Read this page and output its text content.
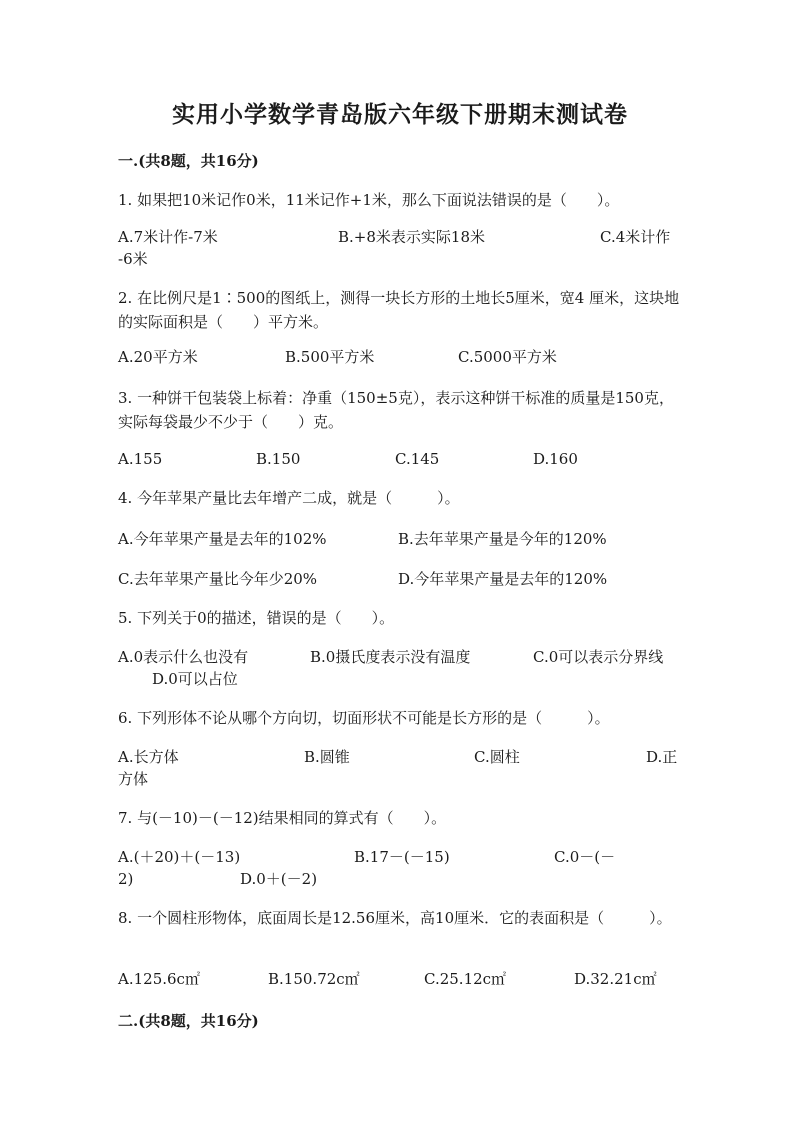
实用小学数学青岛版六年级下册期末测试卷
一.(共8题，共16分)
1. 如果把10米记作0米，11米记作+1米，那么下面说法错误的是（　　）。
A.7米计作-7米	B.+8米表示实际18米	C.4米计作
-6米
2. 在比例尺是1∶500的图纸上，测得一块长方形的土地长5厘米，宽4 厘米，这块地的实际面积是（　　）平方米。
A.20平方米	B.500平方米	C.5000平方米
3. 一种饼干包装袋上标着：净重（150±5克），表示这种饼干标准的质量是150克，实际每袋最少不少于（　　）克。
A.155	B.150	C.145	D.160
4. 今年苹果产量比去年增产二成，就是（　　　）。
A.今年苹果产量是去年的102%	B.去年苹果产量是今年的120%
C.去年苹果产量比今年少20%	D.今年苹果产量是去年的120%
5. 下列关于0的描述，错误的是（　　）。
A.0表示什么也没有	B.0摄氏度表示没有温度	C.0可以表示分界线
D.0可以占位
6. 下列形体不论从哪个方向切，切面形状不可能是长方形的是（　　　）。
A.长方体	B.圆锥	C.圆柱	D.正
方体
7. 与(－10)－(－12)结果相同的算式有（　　）。
A.(＋20)＋(－13)	B.17－(－15)	C.0－(－
2)	D.0＋(－2)
8. 一个圆柱形物体，底面周长是12.56厘米，高10厘米．它的表面积是（　　　）。
A.125.6c㎡	B.150.72c㎡	C.25.12c㎡	D.32.21c㎡
二.(共8题，共16分)
